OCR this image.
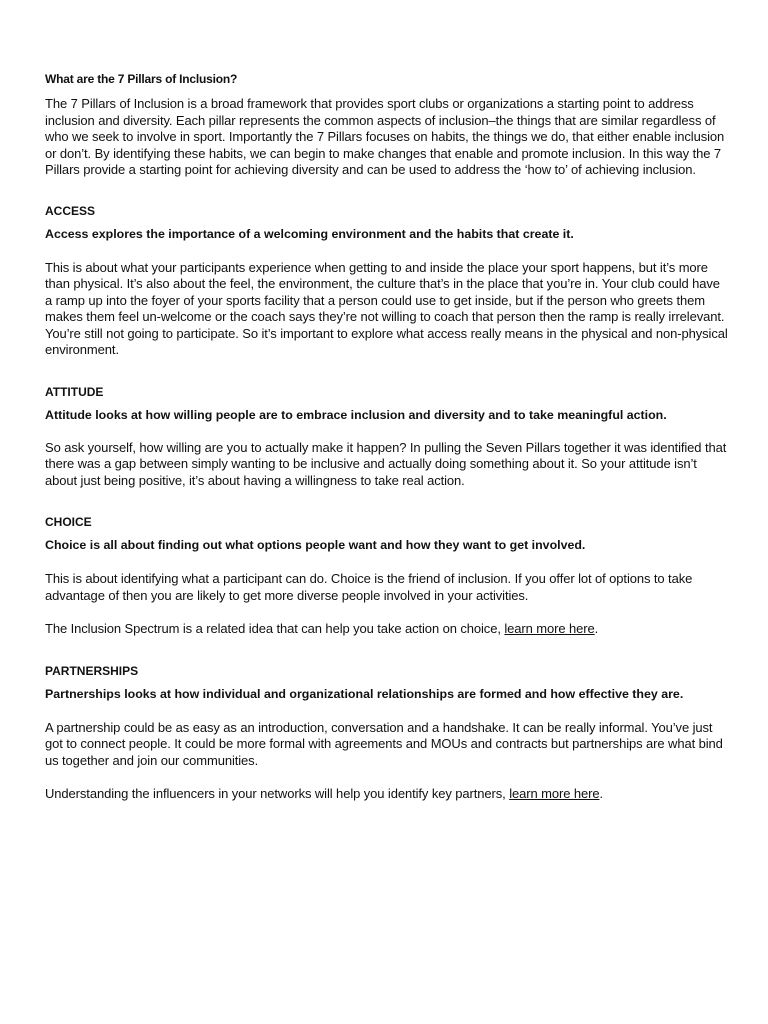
What are the 7 Pillars of Inclusion?

The 7 Pillars of Inclusion is a broad framework that provides sport clubs or organizations a starting point to address inclusion and diversity. Each pillar represents the common aspects of inclusion–the things that are similar regardless of who we seek to involve in sport. Importantly the 7 Pillars focuses on habits, the things we do, that either enable inclusion or don’t. By identifying these habits, we can begin to make changes that enable and promote inclusion. In this way the 7 Pillars provide a starting point for achieving diversity and can be used to address the ‘how to’ of achieving inclusion.

ACCESS

Access explores the importance of a welcoming environment and the habits that create it.

This is about what your participants experience when getting to and inside the place your sport happens, but it’s more than physical. It’s also about the feel, the environment, the culture that’s in the place that you’re in. Your club could have a ramp up into the foyer of your sports facility that a person could use to get inside, but if the person who greets them makes them feel un-welcome or the coach says they’re not willing to coach that person then the ramp is really irrelevant. You’re still not going to participate. So it’s important to explore what access really means in the physical and non-physical environment.

ATTITUDE

Attitude looks at how willing people are to embrace inclusion and diversity and to take meaningful action.

So ask yourself, how willing are you to actually make it happen? In pulling the Seven Pillars together it was identified that there was a gap between simply wanting to be inclusive and actually doing something about it. So your attitude isn’t about just being positive, it’s about having a willingness to take real action.

CHOICE

Choice is all about finding out what options people want and how they want to get involved.

This is about identifying what a participant can do. Choice is the friend of inclusion. If you offer lot of options to take advantage of then you are likely to get more diverse people involved in your activities.

The Inclusion Spectrum is a related idea that can help you take action on choice, learn more here.

PARTNERSHIPS

Partnerships looks at how individual and organizational relationships are formed and how effective they are.

A partnership could be as easy as an introduction, conversation and a handshake. It can be really informal. You’ve just got to connect people. It could be more formal with agreements and MOUs and contracts but partnerships are what bind us together and join our communities.

Understanding the influencers in your networks will help you identify key partners, learn more here.
